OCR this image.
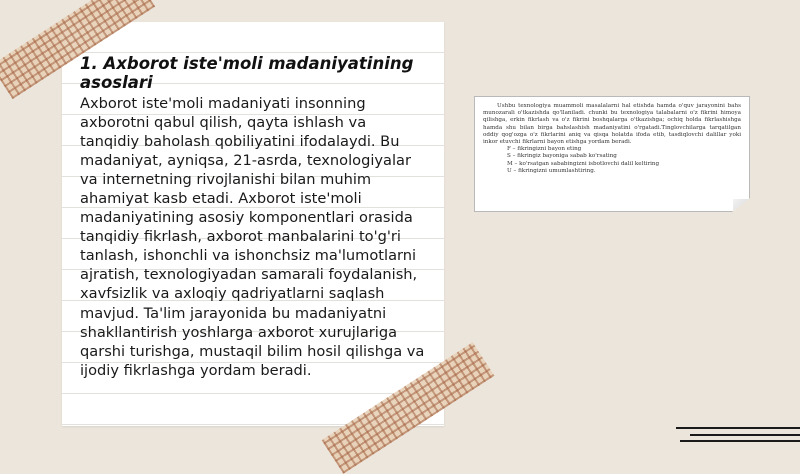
1. Axborot iste'moli madaniyatining asoslari

Axborot iste'moli madaniyati insonning axborotni qabul qilish, qayta ishlash va tanqidiy baholash qobiliyatini ifodalaydi. Bu madaniyat, ayniqsa, 21-asrda, texnologiyalar va internetning rivojlanishi bilan muhim ahamiyat kasb etadi. Axborot iste'moli madaniyatining asosiy komponentlari orasida tanqidiy fikrlash, axborot manbalarini to'g'ri tanlash, ishonchli va ishonchsiz ma'lumotlarni ajratish, texnologiyadan samarali foydalanish, xavfsizlik va axloqiy qadriyatlarni saqlash mavjud. Ta'lim jarayonida bu madaniyatni shakllantirish yoshlarga axborot xurujlariga qarshi turishga, mustaqil bilim hosil qilishga va ijodiy fikrlashga yordam beradi.

Ushbu texnologiya muammoli masalalarni hal etishda hamda o'quv jarayonini bahs munozarali o'tkazishda qo'llaniladi. chunki bu texnologiya talabalarni o'z fikrini himoya qilishga, erkin fikrlash va o'z fikrini boshqalarga o'tkazishga; ochiq holda fikrlashishga hamda shu bilan birga bahslashish madaniyatini o'rgatadi.Tinglovchilarga tarqatilgan oddiy qog'ozga o'z fikrlarini aniq va qisqa holatda ifoda etib, tasdiqlovchi dalillar yoki inkor etuvchi fikrlarni bayon etishga yordam beradi.

F – fikringizni bayon eting
S – fikringiz bayoniga sabab ko'rsating
M – ko'rsatgan sababingizni isbotlovchi dalil keltiring
U – fikringizni umumlashtiring.
